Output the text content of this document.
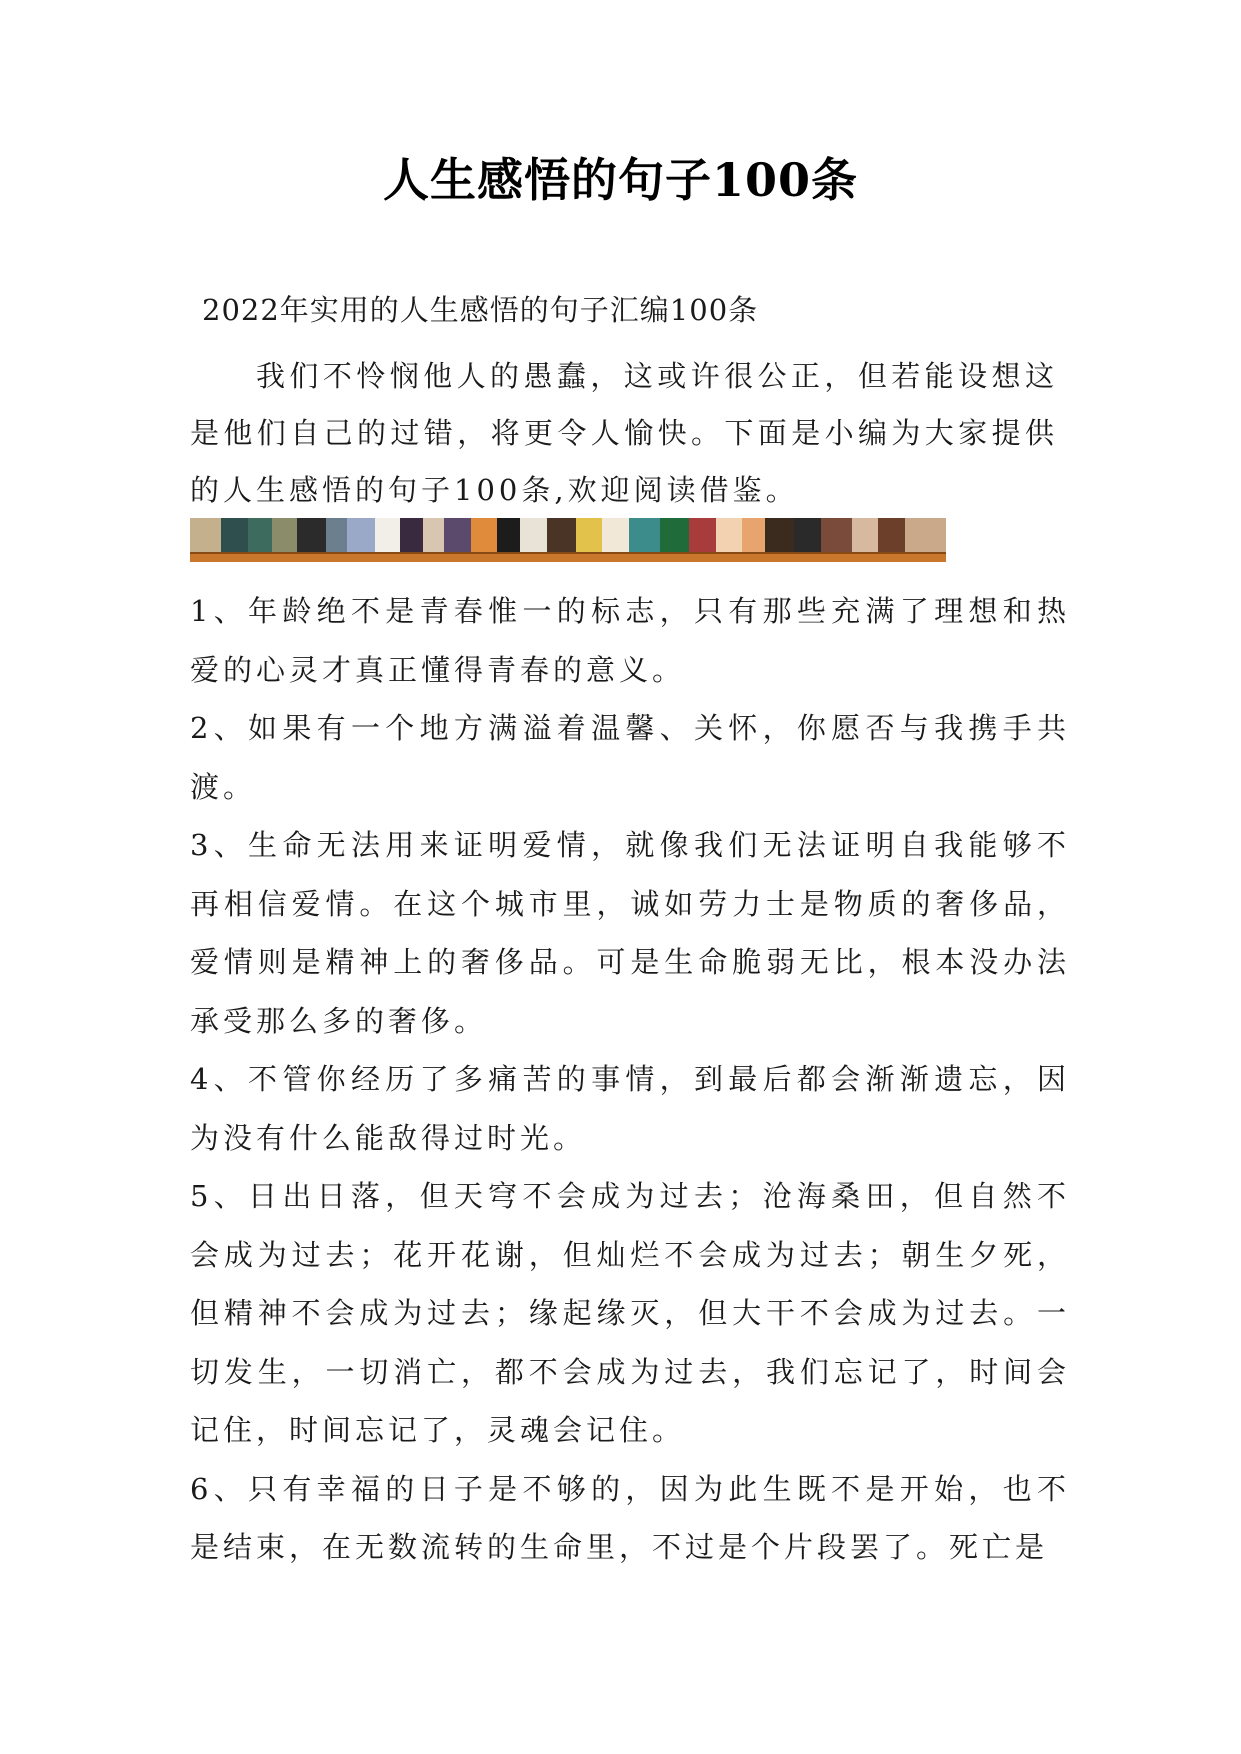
人生感悟的句子100条
2022年实用的人生感悟的句子汇编100条

我们不怜悯他人的愚蠢，这或许很公正，但若能设想这是他们自己的过错，将更令人愉快。下面是小编为大家提供的人生感悟的句子100条,欢迎阅读借鉴。

1、年龄绝不是青春惟一的标志，只有那些充满了理想和热爱的心灵才真正懂得青春的意义。

2、如果有一个地方满溢着温馨、关怀，你愿否与我携手共渡。

3、生命无法用来证明爱情，就像我们无法证明自我能够不再相信爱情。在这个城市里，诚如劳力士是物质的奢侈品，爱情则是精神上的奢侈品。可是生命脆弱无比，根本没办法承受那么多的奢侈。

4、不管你经历了多痛苦的事情，到最后都会渐渐遗忘，因为没有什么能敌得过时光。

5、日出日落，但天穹不会成为过去；沧海桑田，但自然不会成为过去；花开花谢，但灿烂不会成为过去；朝生夕死，但精神不会成为过去；缘起缘灭，但大干不会成为过去。一切发生，一切消亡，都不会成为过去，我们忘记了，时间会记住，时间忘记了，灵魂会记住。

6、只有幸福的日子是不够的，因为此生既不是开始，也不是结束，在无数流转的生命里，不过是个片段罢了。死亡是
